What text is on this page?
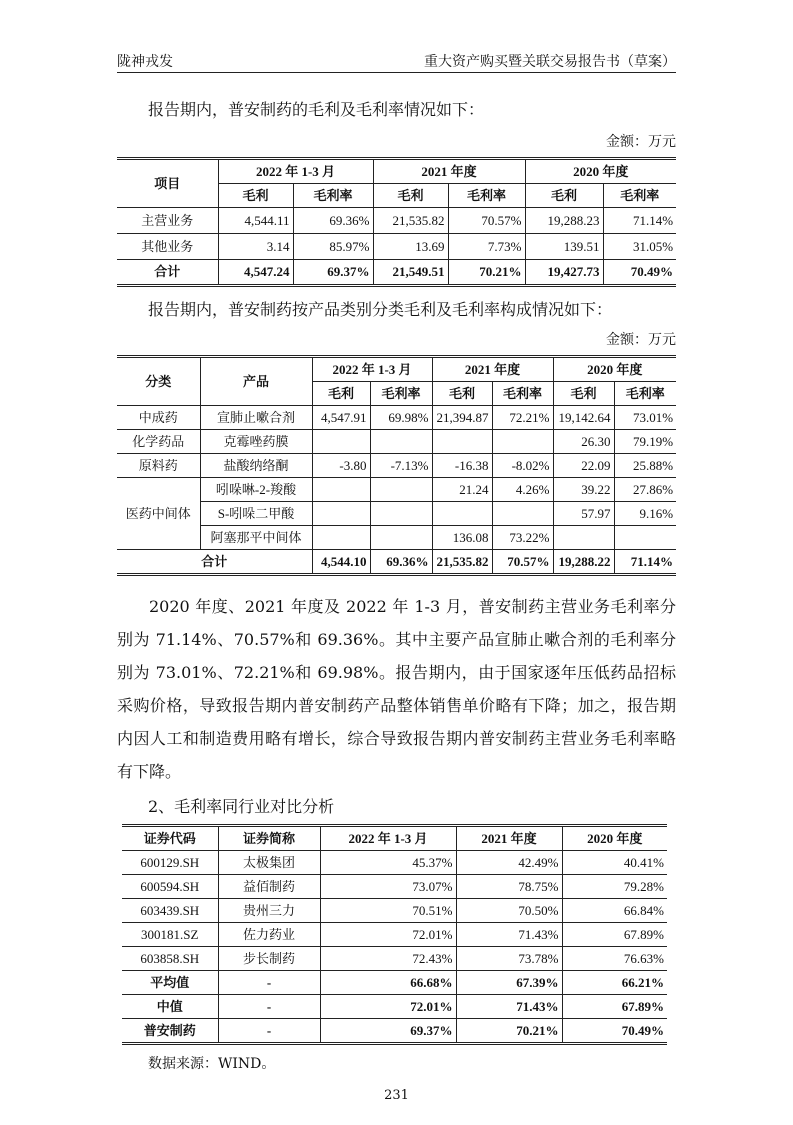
陇神戎发	重大资产购买暨关联交易报告书（草案）
报告期内，普安制药的毛利及毛利率情况如下：
金额：万元
项目	2022 年 1-3 月		2021 年度		2020 年度	
	毛利	毛利率	毛利	毛利率	毛利	毛利率
主营业务	4,544.11	69.36%	21,535.82	70.57%	19,288.23	71.14%
其他业务	3.14	85.97%	13.69	7.73%	139.51	31.05%
合计	4,547.24	69.37%	21,549.51	70.21%	19,427.73	70.49%
报告期内，普安制药按产品类别分类毛利及毛利率构成情况如下：
金额：万元
分类	产品	2022 年 1-3 月		2021 年度		2020 年度	
		毛利	毛利率	毛利	毛利率	毛利	毛利率
中成药	宣肺止嗽合剂	4,547.91	69.98%	21,394.87	72.21%	19,142.64	73.01%
化学药品	克霉唑药膜					26.30	79.19%
原料药	盐酸纳络酮	-3.80	-7.13%	-16.38	-8.02%	22.09	25.88%
医药中间体	吲哚啉-2-羧酸			21.24	4.26%	39.22	27.86%
	S-吲哚二甲酸					57.97	9.16%
	阿塞那平中间体			136.08	73.22%		
合计		4,544.10	69.36%	21,535.82	70.57%	19,288.22	71.14%
2020 年度、2021 年度及 2022 年 1-3 月，普安制药主营业务毛利率分别为 71.14%、70.57%和 69.36%。其中主要产品宣肺止嗽合剂的毛利率分别为 73.01%、72.21%和 69.98%。报告期内，由于国家逐年压低药品招标采购价格，导致报告期内普安制药产品整体销售单价略有下降；加之，报告期内因人工和制造费用略有增长，综合导致报告期内普安制药主营业务毛利率略有下降。
2、毛利率同行业对比分析
证券代码	证券简称	2022 年 1-3 月	2021 年度	2020 年度
600129.SH	太极集团	45.37%	42.49%	40.41%
600594.SH	益佰制药	73.07%	78.75%	79.28%
603439.SH	贵州三力	70.51%	70.50%	66.84%
300181.SZ	佐力药业	72.01%	71.43%	67.89%
603858.SH	步长制药	72.43%	73.78%	76.63%
平均值	-	66.68%	67.39%	66.21%
中值	-	72.01%	71.43%	67.89%
普安制药	-	69.37%	70.21%	70.49%
数据来源：WIND。
231
